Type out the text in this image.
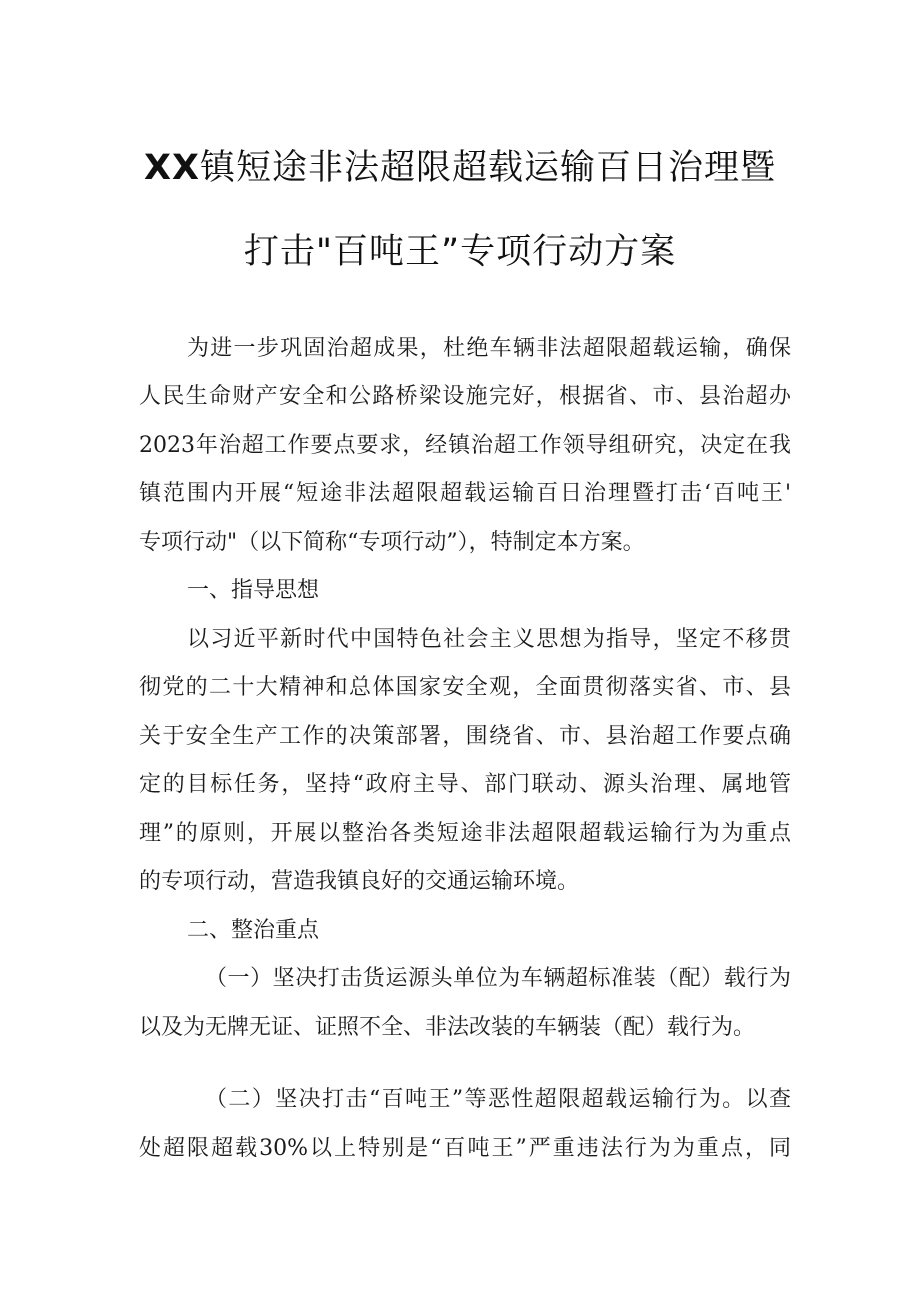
XX镇短途非法超限超载运输百日治理暨
打击"百吨王”专项行动方案
为进一步巩固治超成果，杜绝车辆非法超限超载运输，确保
人民生命财产安全和公路桥梁设施完好，根据省、市、县治超办
2023年治超工作要点要求，经镇治超工作领导组研究，决定在我
镇范围内开展“短途非法超限超载运输百日治理暨打击‘百吨王'
专项行动"（以下简称“专项行动”），特制定本方案。
一、指导思想
以习近平新时代中国特色社会主义思想为指导，坚定不移贯
彻党的二十大精神和总体国家安全观，全面贯彻落实省、市、县
关于安全生产工作的决策部署，围绕省、市、县治超工作要点确
定的目标任务，坚持“政府主导、部门联动、源头治理、属地管
理”的原则，开展以整治各类短途非法超限超载运输行为为重点
的专项行动，营造我镇良好的交通运输环境。
二、整治重点
（一）坚决打击货运源头单位为车辆超标准装（配）载行为
以及为无牌无证、证照不全、非法改装的车辆装（配）载行为。
（二）坚决打击“百吨王”等恶性超限超载运输行为。以查
处超限超载30%以上特别是“百吨王”严重违法行为为重点，同
